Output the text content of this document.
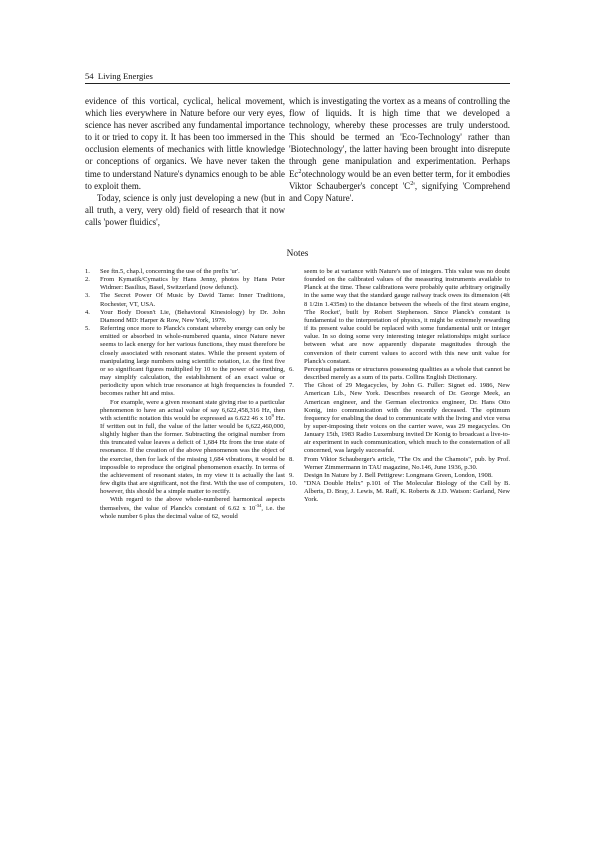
54 Living Energies

evidence of this vortical, cyclical, helical movement, which lies everywhere in Nature before our very eyes, science has never ascribed any fundamental importance to it or tried to copy it. It has been too immersed in the occlusion elements of mechanics with little knowledge or conceptions of organics. We have never taken the time to understand Nature's dynamics enough to be able to exploit them.

Today, science is only just developing a new (but in all truth, a very, very old) field of research that it now calls 'power fluidics',

which is investigating the vortex as a means of controlling the flow of liquids. It is high time that we developed a technology, whereby these processes are truly understood. This should be termed an 'Eco-Technology' rather than 'Biotechnology', the latter having been brought into disrepute through gene manipulation and experimentation. Perhaps Ec$^2$otechnology would be an even better term, for it embodies Viktor Schauberger's concept '$C^2$', signifying 'Comprehend and Copy Nature'.

Notes
1.	See ftn.5, chap.l, concerning the use of the prefix 'ur'.
2.	From Kymatik/Cymatics by Hans Jenny, photos by Hans Peter Widmer: Basilius, Basel, Switzerland (now defunct).
3.	The Secret Power Of Music by David Tame: Inner Traditions, Rochester, VT, USA.
4.	Your Body Doesn't Lie, (Behavioral Kinesiology) by Dr. John Diamond MD: Harper & Row, New York, 1979.
5.	Referring once more to Planck's constant whereby energy can only be emitted or absorbed in whole-numbered quanta, since Nature never seems to lack energy for her various functions, they must therefore be closely associated with resonant states. While the present system of manipulating large numbers using scientific notation, i.e. the first five or so significant figures multiplied by 10 to the power of something, may simplify calculation, the establishment of an exact value or periodicity upon which true resonance at high frequencies is founded becomes rather hit and miss.
For example, were a given resonant state giving rise to a particular phenomenon to have an actual value of say 6,622,458,316 Hz, then with scientific notation this would be expressed as 6.622 46 x $10^9$ Hz. If written out in full, the value of the latter would be 6,622,460,000, slightly higher than the former. Subtracting the original number from this truncated value leaves a deficit of 1,684 Hz from the true state of resonance. If the creation of the above phenomenon was the object of the exercise, then for lack of the missing 1,684 vibrations, it would be impossible to reproduce the original phenomenon exactly. In terms of the achievement of resonant states, in my view it is actually the last few digits that are significant, not the first. With the use of computers, however, this should be a simple matter to rectify.
With regard to the above whole-numbered harmonical aspects themselves, the value of Planck's constant of 6.62 x $10^{-34}$, i.e. the whole number 6 plus the decimal value of 62, would
seem to be at variance with Nature's use of integers. This value was no doubt founded on the calibrated values of the measuring instruments available to Planck at the time. These calibrations were probably quite arbitrary originally in the same way that the standard gauge railway track owes its dimension (4ft 8 1/2in 1.435m) to the distance between the wheels of the first steam engine, 'The Rocket', built by Robert Stephenson. Since Planck's constant is fundamental to the interpretation of physics, it might be extremely rewarding if its present value could be replaced with some fundamental unit or integer value. In so doing some very interesting integer relationships might surface between what are now apparently disparate magnitudes through the conversion of their current values to accord with this new unit value for Planck's constant.
6.	Perceptual patterns or structures possessing qualities as a whole that cannot be described merely as a sum of its parts. Collins English Dictionary.
7.	The Ghost of 29 Megacycles, by John G. Fuller: Signet ed. 1986, New American Lib., New York. Describes research of Dr. George Meek, an American engineer, and the German electronics engineer, Dr. Hans Otto Konig, into communication with the recently deceased. The optimum frequency for enabling the dead to communicate with the living and vice versa by super-imposing their voices on the carrier wave, was 29 megacycles. On January 15th, 1983 Radio Luxemburg invited Dr Konig to broadcast a live-to-air experiment in such communication, which much to the consternation of all concerned, was largely successful.
8.	From Viktor Schauberger's article, "The Ox and the Chamois", pub. by Prof. Werner Zimmermann in TAU magazine, No.146, June 1936, p.30.
9.	Design In Nature by J. Bell Pettigrew: Longmans Green, London, 1908.
10.	"DNA Double Helix" p.101 of The Molecular Biology of the Cell by B. Alberts, D. Bray, J. Lewis, M. Raff, K. Roberts & J.D. Watson: Garland, New York.
